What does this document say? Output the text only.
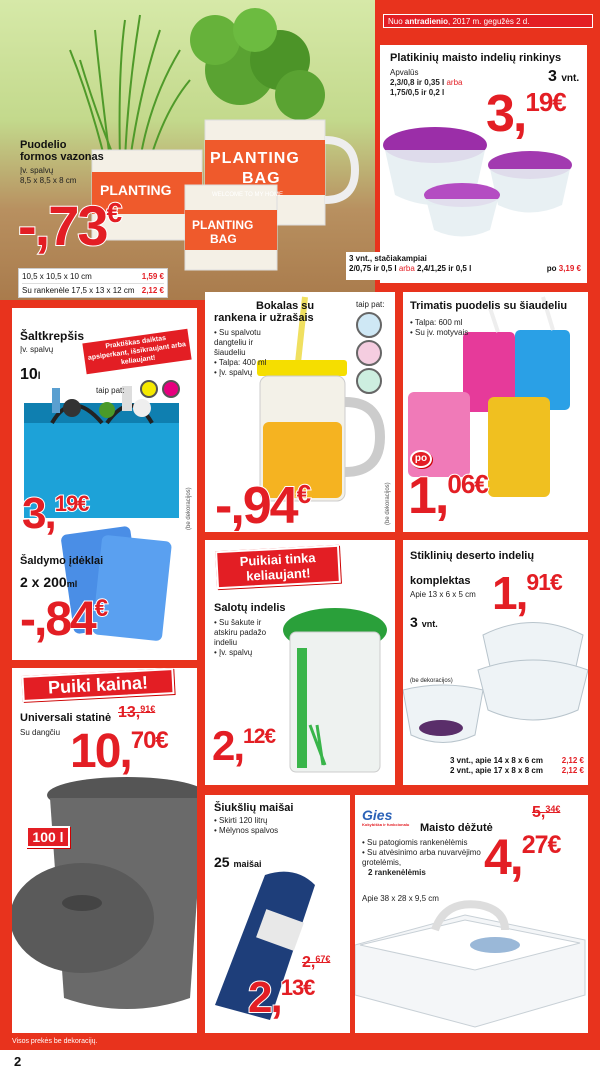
Nuo antradienio, 2017 m. gegužės 2 d.
PLANTING
BAG
WELCOME TO MY HOME
PLANTING
PLANTING
BAG
Puodelio
formos vazonas
Įv. spalvų
8,5 x 8,5 x 8 cm
-,73€
10,5 x 10,5 x 10 cm	1,59 €
Su rankenėle 17,5 x 13 x 12 cm 2,12 €
Platikinių maisto indelių rinkinys
Apvalūs
2,3/0,8 ir 0,35 l arba
1,75/0,5 ir 0,2 l
3 vnt.
3,$^{19€}$
3 vnt., stačiakampiai
2/0,75 ir 0,5 l arba 2,4/1,25 ir 0,5 l	po 3,19 €
Šaltkrepšis
Įv. spalvų
10l
Praktiškas daiktas apsiperkant, išsikraujant arba keliaujant!
taip pat:
3,$^{19€}$	(be dekoracijos)
Šaldymo įdėklai
2 x 200ml
-,84€
Bokalas su
rankena ir užrašais
• Su spalvotu dangteliu ir šiaudeliu
• Talpa: 400 ml
• Įv. spalvų
taip pat:
-,94€	(be dekoracijos)
Trimatis puodelis su šiaudeliu
• Talpa: 600 ml
• Su įv. motyvais
po
1,$^{06€}$
Puikiai tinka
keliaujant!
Salotų indelis
• Su šakute ir atskiru padažo indeliu
• Įv. spalvų
2,$^{12€}$
Stiklinių deserto indelių
komplektas
Apie 13 x 6 x 5 cm
3 vnt.
1,$^{91€}$
(be dekoracijos)
3 vnt., apie 14 x 8 x 6 cm 2,12 €
2 vnt., apie 17 x 8 x 8 cm 2,12 €
Puiki kaina!
Universali statinė
Su dangčiu
13,$^{91€}$
10,$^{70€}$
100 l
Šiukšlių maišai
• Skirti 120 litrų
• Mėlynos spalvos
25 maišai
2,$^{67€}$
2,$^{13€}$
Gies
Kokybiška ir funkcionalu Maisto dėžutė
• Su patogiomis rankenėlėmis
• Su atvėsinimo arba nuvarvėjimo grotelėmis,
2 rankenėlėmis
Apie 38 x 28 x 9,5 cm
5,$^{34€}$
4,$^{27€}$
Visos prekės be dekoracijų.
2
